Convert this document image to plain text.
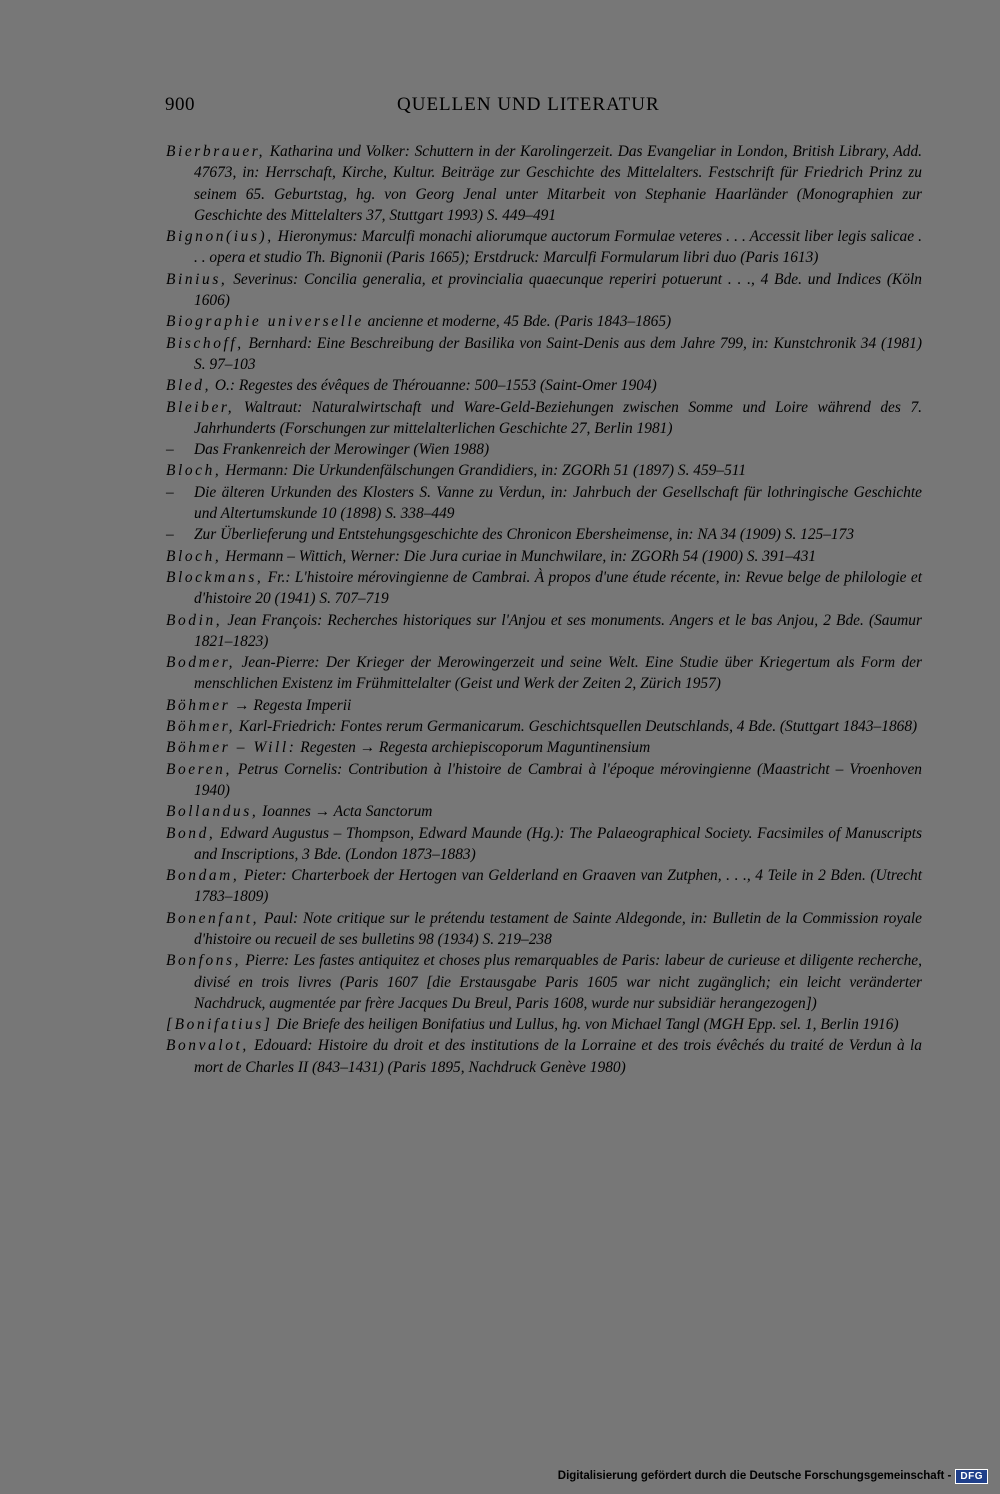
900	QUELLEN UND LITERATUR

Bierbrauer, Katharina und Volker: Schuttern in der Karolingerzeit. Das Evangeliar in London, British Library, Add. 47673, in: Herrschaft, Kirche, Kultur. Beiträge zur Geschichte des Mittelalters. Festschrift für Friedrich Prinz zu seinem 65. Geburtstag, hg. von Georg Jenal unter Mitarbeit von Stephanie Haarländer (Monographien zur Geschichte des Mittelalters 37, Stuttgart 1993) S. 449–491

Bignon(ius), Hieronymus: Marculfi monachi aliorumque auctorum Formulae veteres . . . Accessit liber legis salicae . . . opera et studio Th. Bignonii (Paris 1665); Erstdruck: Marculfi Formularum libri duo (Paris 1613)

Binius, Severinus: Concilia generalia, et provincialia quaecunque reperiri potuerunt . . ., 4 Bde. und Indices (Köln 1606)

Biographie universelle ancienne et moderne, 45 Bde. (Paris 1843–1865)

Bischoff, Bernhard: Eine Beschreibung der Basilika von Saint-Denis aus dem Jahre 799, in: Kunstchronik 34 (1981) S. 97–103

Bled, O.: Regestes des évêques de Thérouanne: 500–1553 (Saint-Omer 1904)

Bleiber, Waltraut: Naturalwirtschaft und Ware-Geld-Beziehungen zwischen Somme und Loire während des 7. Jahrhunderts (Forschungen zur mittelalterlichen Geschichte 27, Berlin 1981)

– Das Frankenreich der Merowinger (Wien 1988)

Bloch, Hermann: Die Urkundenfälschungen Grandidiers, in: ZGORh 51 (1897) S. 459–511

– Die älteren Urkunden des Klosters S. Vanne zu Verdun, in: Jahrbuch der Gesellschaft für lothringische Geschichte und Altertumskunde 10 (1898) S. 338–449

– Zur Überlieferung und Entstehungsgeschichte des Chronicon Ebersheimense, in: NA 34 (1909) S. 125–173

Bloch, Hermann – Wittich, Werner: Die Jura curiae in Munchwilare, in: ZGORh 54 (1900) S. 391–431

Blockmans, Fr.: L'histoire mérovingienne de Cambrai. À propos d'une étude récente, in: Revue belge de philologie et d'histoire 20 (1941) S. 707–719

Bodin, Jean François: Recherches historiques sur l'Anjou et ses monuments. Angers et le bas Anjou, 2 Bde. (Saumur 1821–1823)

Bodmer, Jean-Pierre: Der Krieger der Merowingerzeit und seine Welt. Eine Studie über Kriegertum als Form der menschlichen Existenz im Frühmittelalter (Geist und Werk der Zeiten 2, Zürich 1957)

Böhmer → Regesta Imperii

Böhmer, Karl-Friedrich: Fontes rerum Germanicarum. Geschichtsquellen Deutschlands, 4 Bde. (Stuttgart 1843–1868)

Böhmer – Will: Regesten → Regesta archiepiscoporum Maguntinensium

Boeren, Petrus Cornelis: Contribution à l'histoire de Cambrai à l'époque mérovingienne (Maastricht – Vroenhoven 1940)

Bollandus, Ioannes → Acta Sanctorum

Bond, Edward Augustus – Thompson, Edward Maunde (Hg.): The Palaeographical Society. Facsimiles of Manuscripts and Inscriptions, 3 Bde. (London 1873–1883)

Bondam, Pieter: Charterboek der Hertogen van Gelderland en Graaven van Zutphen, . . ., 4 Teile in 2 Bden. (Utrecht 1783–1809)

Bonenfant, Paul: Note critique sur le prétendu testament de Sainte Aldegonde, in: Bulletin de la Commission royale d'histoire ou recueil de ses bulletins 98 (1934) S. 219–238

Bonfons, Pierre: Les fastes antiquitez et choses plus remarquables de Paris: labeur de curieuse et diligente recherche, divisé en trois livres (Paris 1607 [die Erstausgabe Paris 1605 war nicht zugänglich; ein leicht veränderter Nachdruck, augmentée par frère Jacques Du Breul, Paris 1608, wurde nur subsidiär herangezogen])

[Bonifatius] Die Briefe des heiligen Bonifatius und Lullus, hg. von Michael Tangl (MGH Epp. sel. 1, Berlin 1916)

Bonvalot, Edouard: Histoire du droit et des institutions de la Lorraine et des trois évêchés du traité de Verdun à la mort de Charles II (843–1431) (Paris 1895, Nachdruck Genève 1980)

Digitalisierung gefördert durch die Deutsche Forschungsgemeinschaft - DFG
